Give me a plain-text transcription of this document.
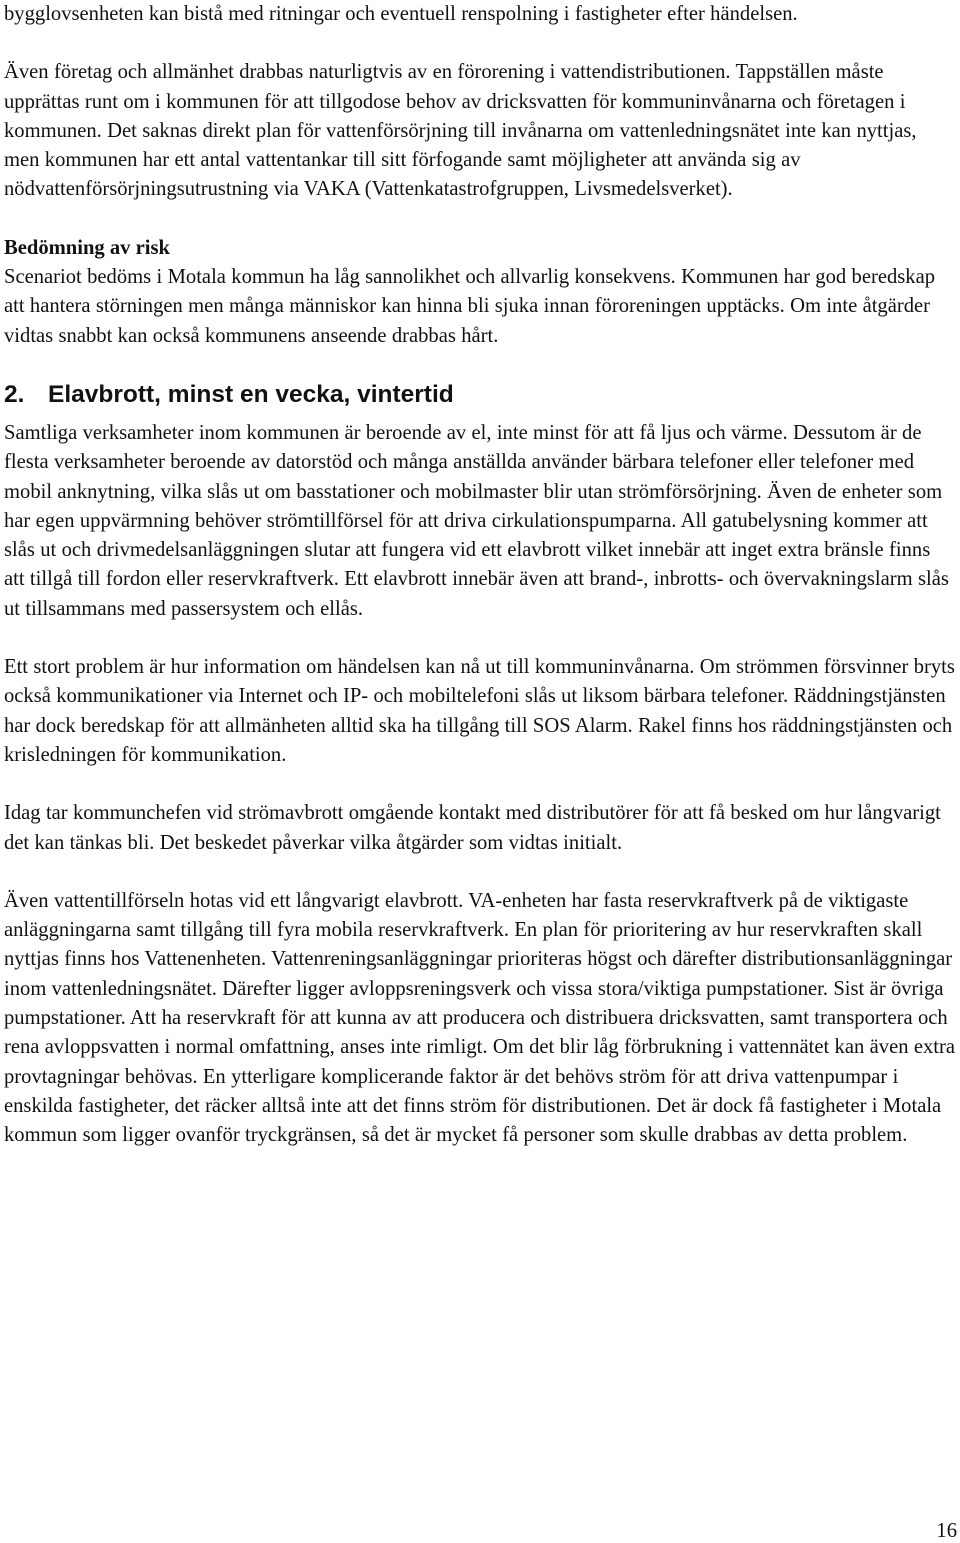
bygglovsenheten kan bistå med ritningar och eventuell renspolning i fastigheter efter händelsen.

Även företag och allmänhet drabbas naturligtvis av en förorening i vattendistributionen. Tappställen måste upprättas runt om i kommunen för att tillgodose behov av dricksvatten för kommuninvånarna och företagen i kommunen. Det saknas direkt plan för vattenförsörjning till invånarna om vattenledningsnätet inte kan nyttjas, men kommunen har ett antal vattentankar till sitt förfogande samt möjligheter att använda sig av nödvattenförsörjningsutrustning via VAKA (Vattenkatastrofgruppen, Livsmedelsverket).

Bedömning av risk

Scenariot bedöms i Motala kommun ha låg sannolikhet och allvarlig konsekvens. Kommunen har god beredskap att hantera störningen men många människor kan hinna bli sjuka innan föroreningen upptäcks. Om inte åtgärder vidtas snabbt kan också kommunens anseende drabbas hårt.

2. Elavbrott, minst en vecka, vintertid

Samtliga verksamheter inom kommunen är beroende av el, inte minst för att få ljus och värme. Dessutom är de flesta verksamheter beroende av datorstöd och många anställda använder bärbara telefoner eller telefoner med mobil anknytning, vilka slås ut om basstationer och mobilmaster blir utan strömförsörjning. Även de enheter som har egen uppvärmning behöver strömtillförsel för att driva cirkulationspumparna. All gatubelysning kommer att slås ut och drivmedelsanläggningen slutar att fungera vid ett elavbrott vilket innebär att inget extra bränsle finns att tillgå till fordon eller reservkraftverk. Ett elavbrott innebär även att brand-, inbrotts- och övervakningslarm slås ut tillsammans med passersystem och ellås.

Ett stort problem är hur information om händelsen kan nå ut till kommuninvånarna. Om strömmen försvinner bryts också kommunikationer via Internet och IP- och mobiltelefoni slås ut liksom bärbara telefoner. Räddningstjänsten har dock beredskap för att allmänheten alltid ska ha tillgång till SOS Alarm. Rakel finns hos räddningstjänsten och krisledningen för kommunikation.

Idag tar kommunchefen vid strömavbrott omgående kontakt med distributörer för att få besked om hur långvarigt det kan tänkas bli. Det beskedet påverkar vilka åtgärder som vidtas initialt.

Även vattentillförseln hotas vid ett långvarigt elavbrott. VA-enheten har fasta reservkraftverk på de viktigaste anläggningarna samt tillgång till fyra mobila reservkraftverk. En plan för prioritering av hur reservkraften skall nyttjas finns hos Vattenenheten. Vattenreningsanläggningar prioriteras högst och därefter distributionsanläggningar inom vattenledningsnätet. Därefter ligger avloppsreningsverk och vissa stora/viktiga pumpstationer. Sist är övriga pumpstationer. Att ha reservkraft för att kunna av att producera och distribuera dricksvatten, samt transportera och rena avloppsvatten i normal omfattning, anses inte rimligt. Om det blir låg förbrukning i vattennätet kan även extra provtagningar behövas. En ytterligare komplicerande faktor är det behövs ström för att driva vattenpumpar i enskilda fastigheter, det räcker alltså inte att det finns ström för distributionen. Det är dock få fastigheter i Motala kommun som ligger ovanför tryckgränsen, så det är mycket få personer som skulle drabbas av detta problem.

16
